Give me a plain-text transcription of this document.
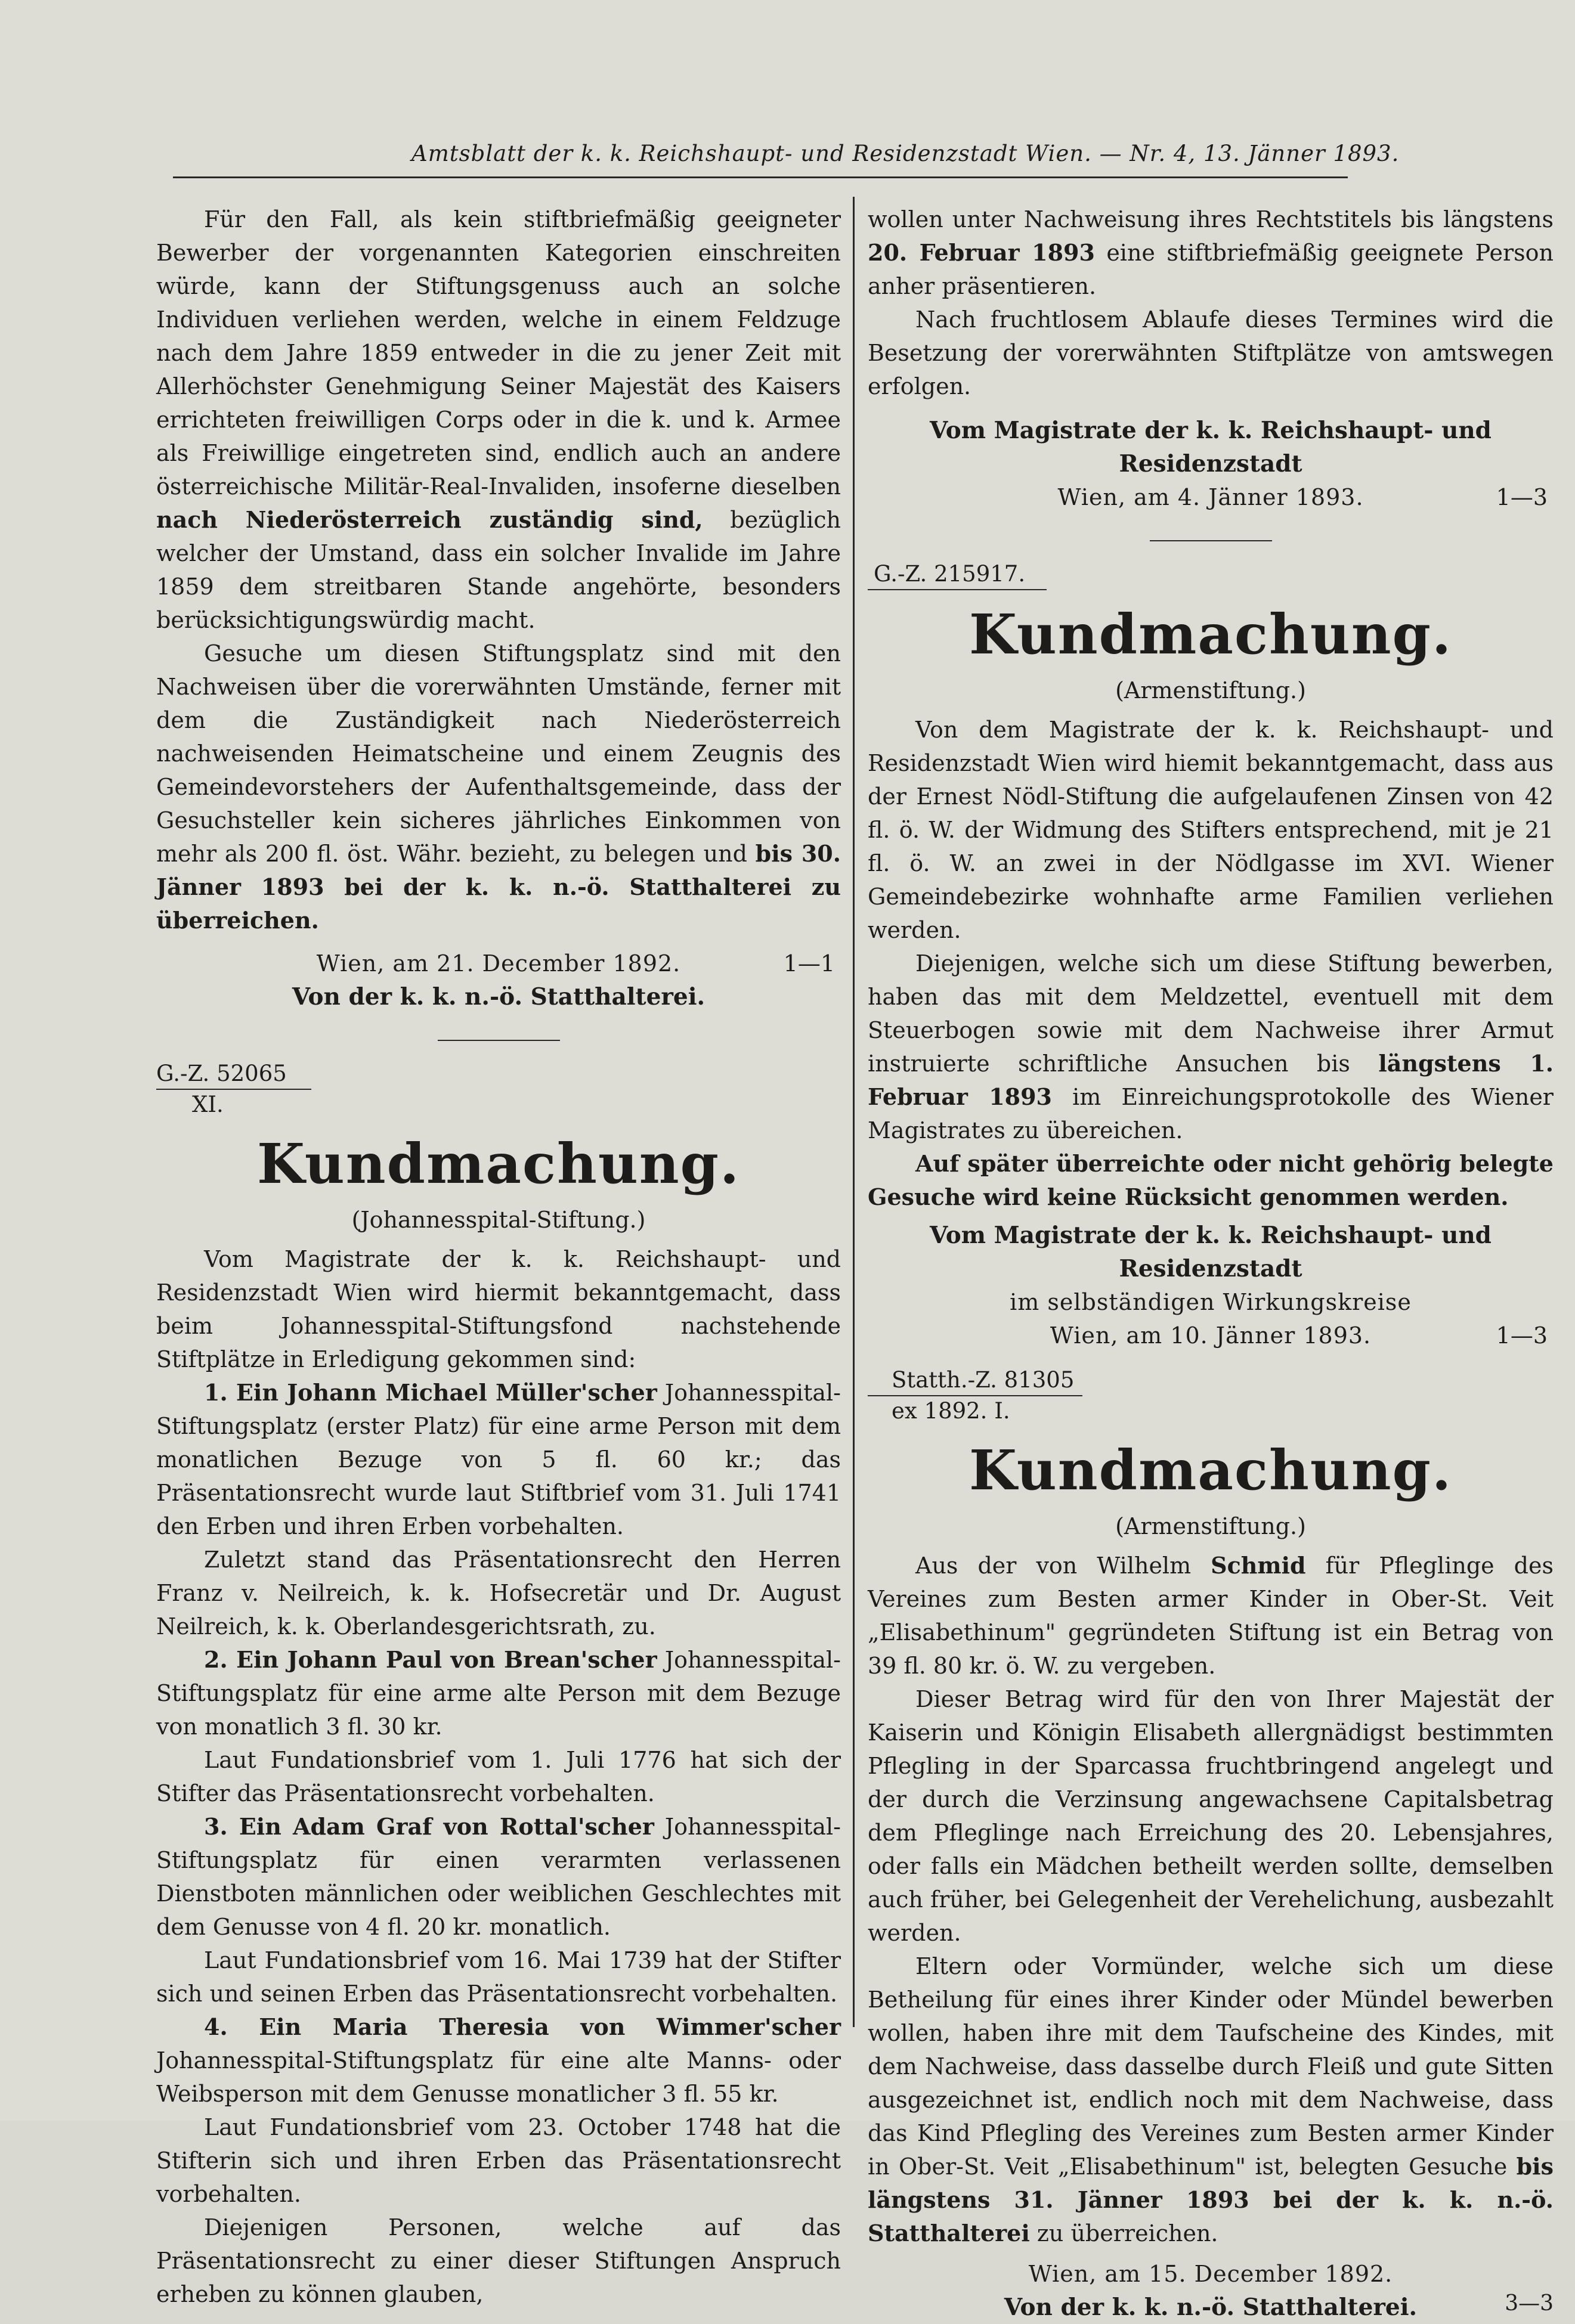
Amtsblatt der k. k. Reichshaupt- und Residenzstadt Wien. — Nr. 4, 13. Jänner 1893.

Für den Fall, als kein stiftbriefmäßig geeigneter Bewerber der vorgenannten Kategorien einschreiten würde, kann der Stiftungsgenuss auch an solche Individuen verliehen werden, welche in einem Feldzuge nach dem Jahre 1859 entweder in die zu jener Zeit mit Allerhöchster Genehmigung Seiner Majestät des Kaisers errichteten freiwilligen Corps oder in die k. und k. Armee als Freiwillige eingetreten sind, endlich auch an andere österreichische Militär-Real-Invaliden, insoferne dieselben nach Niederösterreich zuständig sind, bezüglich welcher der Umstand, dass ein solcher Invalide im Jahre 1859 dem streitbaren Stande angehörte, besonders berücksichtigungswürdig macht.

Gesuche um diesen Stiftungsplatz sind mit den Nachweisen über die vorerwähnten Umstände, ferner mit dem die Zuständigkeit nach Niederösterreich nachweisenden Heimatscheine und einem Zeugnis des Gemeindevorstehers der Aufenthaltsgemeinde, dass der Gesuchsteller kein sicheres jährliches Einkommen von mehr als 200 fl. öst. Währ. bezieht, zu belegen und bis 30. Jänner 1893 bei der k. k. n.-ö. Statthalterei zu überreichen.

Wien, am 21. December 1892.	1—1

Von der k. k. n.-ö. Statthalterei.

G.-Z. 52065
XI.
Kundmachung.
(Johannesspital-Stiftung.)

Vom Magistrate der k. k. Reichshaupt- und Residenzstadt Wien wird hiermit bekanntgemacht, dass beim Johannesspital-Stiftungsfond nachstehende Stiftplätze in Erledigung gekommen sind:

1. Ein Johann Michael Müller'scher Johannesspital-Stiftungsplatz (erster Platz) für eine arme Person mit dem monatlichen Bezuge von 5 fl. 60 kr.; das Präsentationsrecht wurde laut Stiftbrief vom 31. Juli 1741 den Erben und ihren Erben vorbehalten.

Zuletzt stand das Präsentationsrecht den Herren Franz v. Neilreich, k. k. Hofsecretär und Dr. August Neilreich, k. k. Oberlandesgerichtsrath, zu.

2. Ein Johann Paul von Brean'scher Johannesspital-Stiftungsplatz für eine arme alte Person mit dem Bezuge von monatlich 3 fl. 30 kr.

Laut Fundationsbrief vom 1. Juli 1776 hat sich der Stifter das Präsentationsrecht vorbehalten.

3. Ein Adam Graf von Rottal'scher Johannesspital-Stiftungsplatz für einen verarmten verlassenen Dienstboten männlichen oder weiblichen Geschlechtes mit dem Genusse von 4 fl. 20 kr. monatlich.

Laut Fundationsbrief vom 16. Mai 1739 hat der Stifter sich und seinen Erben das Präsentationsrecht vorbehalten.

4. Ein Maria Theresia von Wimmer'scher Johannesspital-Stiftungsplatz für eine alte Manns- oder Weibsperson mit dem Genusse monatlicher 3 fl. 55 kr.

Laut Fundationsbrief vom 23. October 1748 hat die Stifterin sich und ihren Erben das Präsentationsrecht vorbehalten.

Diejenigen Personen, welche auf das Präsentationsrecht zu einer dieser Stiftungen Anspruch erheben zu können glauben,

wollen unter Nachweisung ihres Rechtstitels bis längstens 20. Februar 1893 eine stiftbriefmäßig geeignete Person anher präsentieren.

Nach fruchtlosem Ablaufe dieses Termines wird die Besetzung der vorerwähnten Stiftplätze von amtswegen erfolgen.

Vom Magistrate der k. k. Reichshaupt- und Residenzstadt

Wien, am 4. Jänner 1893.	1—3

G.-Z. 215917.
Kundmachung.
(Armenstiftung.)

Von dem Magistrate der k. k. Reichshaupt- und Residenzstadt Wien wird hiemit bekanntgemacht, dass aus der Ernest Nödl-Stiftung die aufgelaufenen Zinsen von 42 fl. ö. W. der Widmung des Stifters entsprechend, mit je 21 fl. ö. W. an zwei in der Nödlgasse im XVI. Wiener Gemeindebezirke wohnhafte arme Familien verliehen werden.

Diejenigen, welche sich um diese Stiftung bewerben, haben das mit dem Meldzettel, eventuell mit dem Steuerbogen sowie mit dem Nachweise ihrer Armut instruierte schriftliche Ansuchen bis längstens 1. Februar 1893 im Einreichungsprotokolle des Wiener Magistrates zu übereichen.

Auf später überreichte oder nicht gehörig belegte Gesuche wird keine Rücksicht genommen werden.

Vom Magistrate der k. k. Reichshaupt- und Residenzstadt

im selbständigen Wirkungskreise

Wien, am 10. Jänner 1893.	1—3

Statth.-Z. 81305
ex 1892. I.
Kundmachung.
(Armenstiftung.)

Aus der von Wilhelm Schmid für Pfleglinge des Vereines zum Besten armer Kinder in Ober-St. Veit „Elisabethinum" gegründeten Stiftung ist ein Betrag von 39 fl. 80 kr. ö. W. zu vergeben.

Dieser Betrag wird für den von Ihrer Majestät der Kaiserin und Königin Elisabeth allergnädigst bestimmten Pflegling in der Sparcassa fruchtbringend angelegt und der durch die Verzinsung angewachsene Capitalsbetrag dem Pfleglinge nach Erreichung des 20. Lebensjahres, oder falls ein Mädchen betheilt werden sollte, demselben auch früher, bei Gelegenheit der Verehelichung, ausbezahlt werden.

Eltern oder Vormünder, welche sich um diese Betheilung für eines ihrer Kinder oder Mündel bewerben wollen, haben ihre mit dem Taufscheine des Kindes, mit dem Nachweise, dass dasselbe durch Fleiß und gute Sitten ausgezeichnet ist, endlich noch mit dem Nachweise, dass das Kind Pflegling des Vereines zum Besten armer Kinder in Ober-St. Veit „Elisabethinum" ist, belegten Gesuche bis längstens 31. Jänner 1893 bei der k. k. n.-ö. Statthalterei zu überreichen.

Wien, am 15. December 1892.

Von der k. k. n.-ö. Statthalterei.	3—3
